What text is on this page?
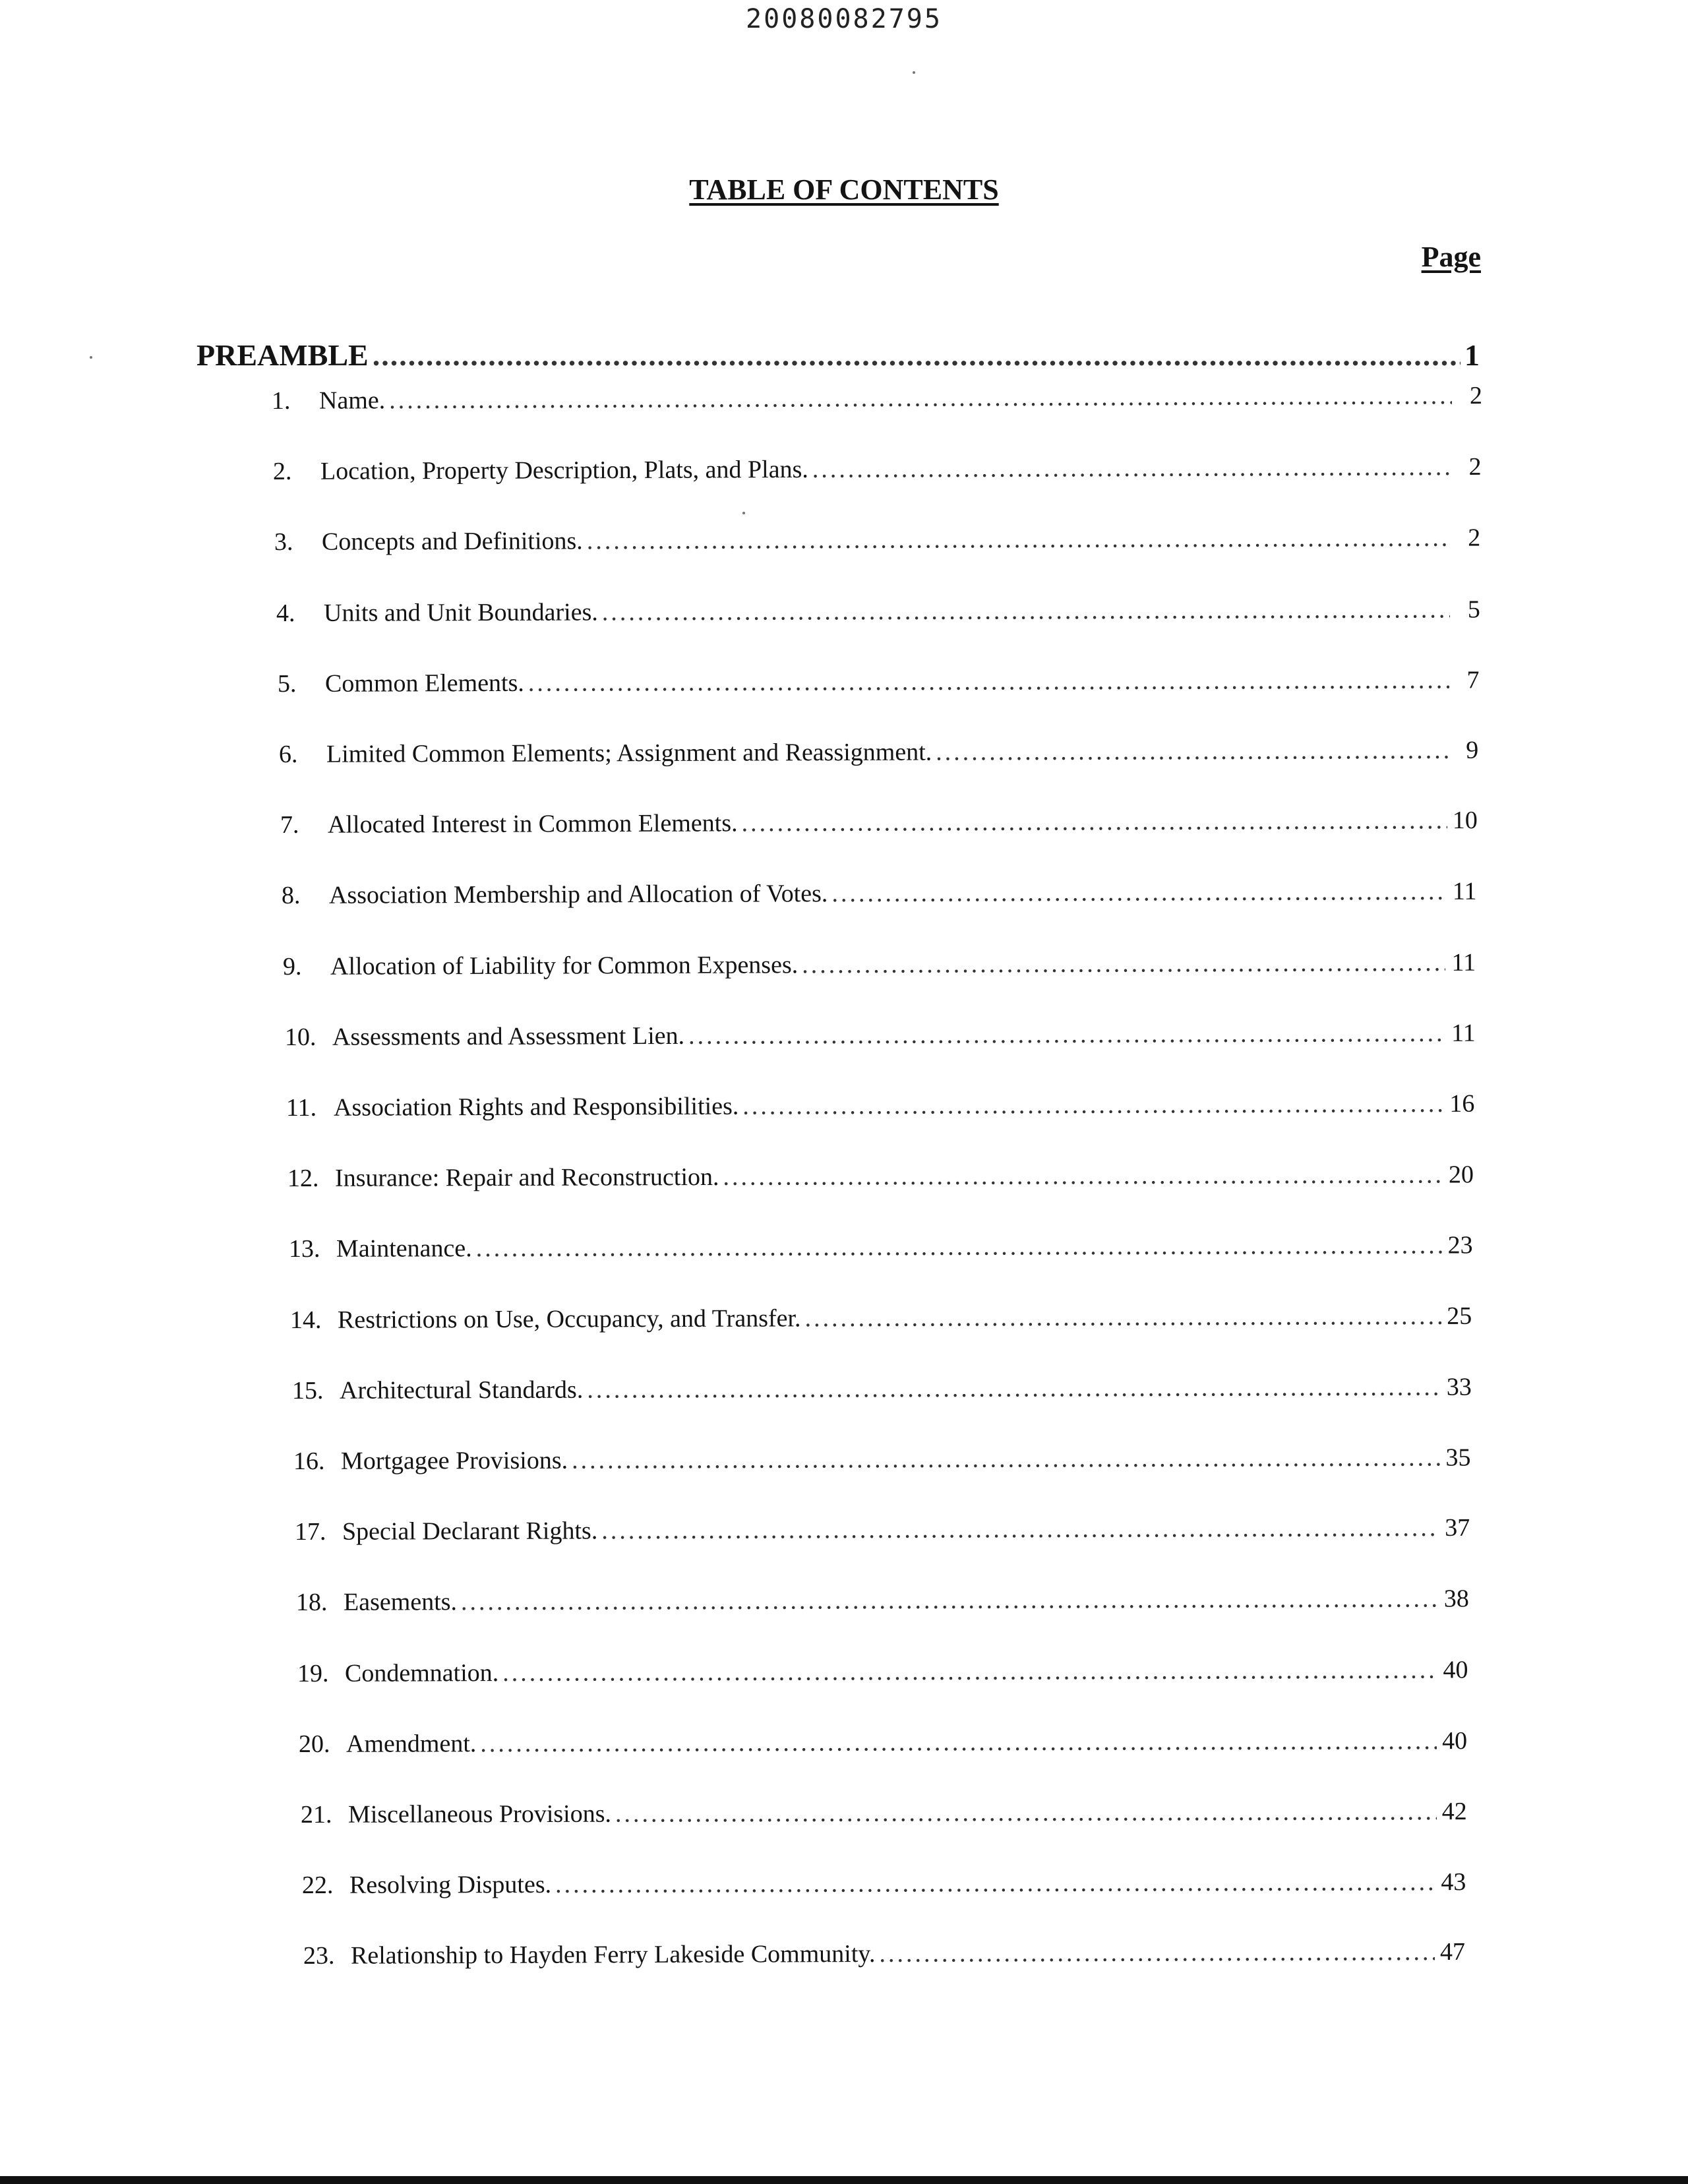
20080082795
TABLE OF CONTENTS
Page
PREAMBLE .....	1
1.	Name. .....	2
2.	Location, Property Description, Plats, and Plans. .....	2
3.	Concepts and Definitions. .....	2
4.	Units and Unit Boundaries. .....	5
5.	Common Elements. .....	7
6.	Limited Common Elements; Assignment and Reassignment. .....	9
7.	Allocated Interest in Common Elements. .....	10
8.	Association Membership and Allocation of Votes. .....	11
9.	Allocation of Liability for Common Expenses. .....	11
10. Assessments and Assessment Lien. .....	11
11. Association Rights and Responsibilities. .....	16
12. Insurance: Repair and Reconstruction. .....	20
13. Maintenance. .....	23
14. Restrictions on Use, Occupancy, and Transfer. .....	25
15. Architectural Standards. .....	33
16. Mortgagee Provisions. .....	35
17. Special Declarant Rights. .....	37
18. Easements. .....	38
19. Condemnation. .....	40
20. Amendment. .....	40
21. Miscellaneous Provisions. .....	42
22. Resolving Disputes. .....	43
23. Relationship to Hayden Ferry Lakeside Community. .....	47
